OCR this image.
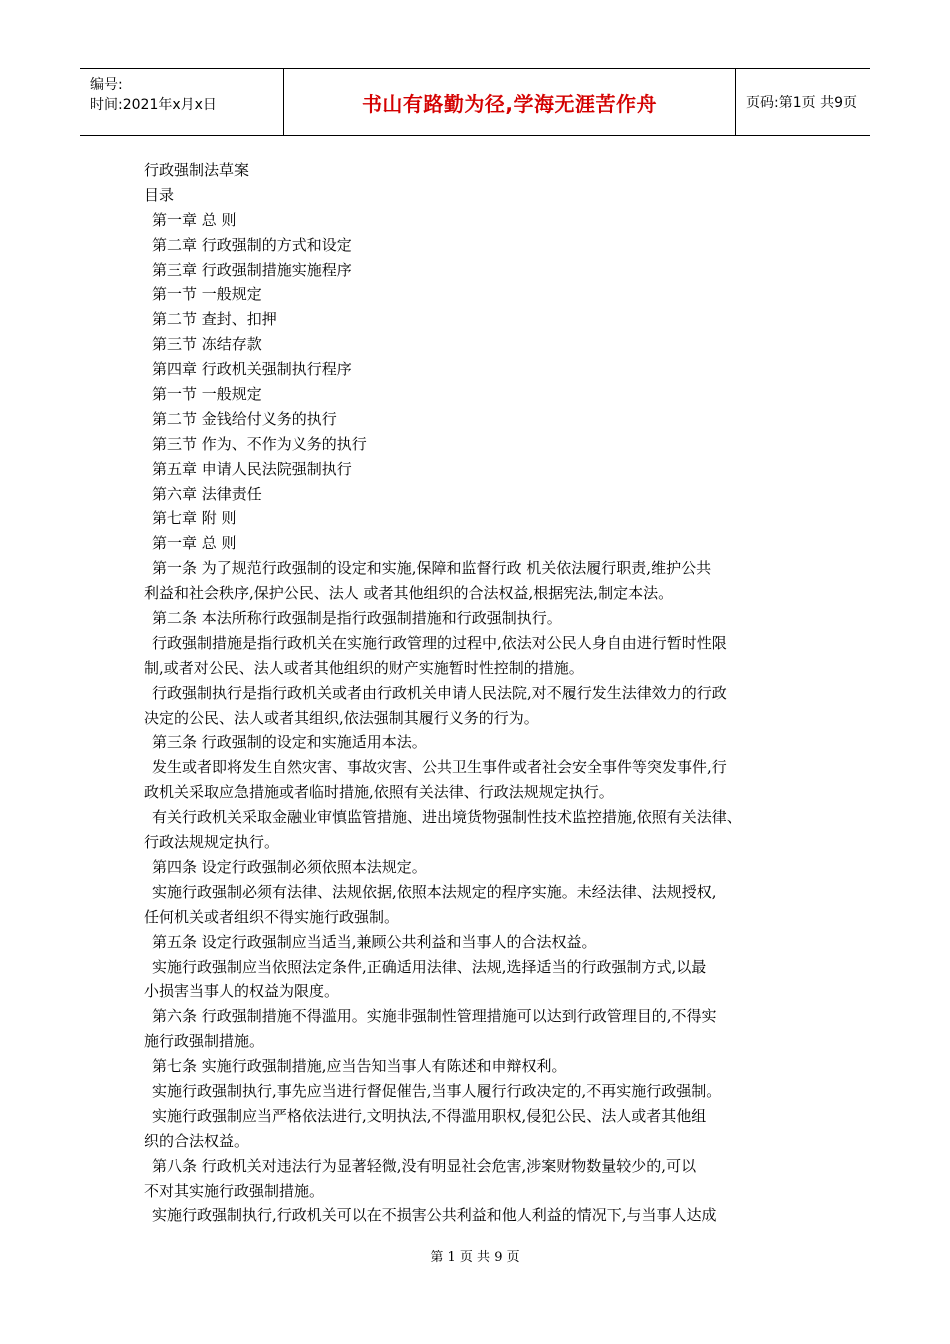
编号:
时间:2021年x月x日	书山有路勤为径,学海无涯苦作舟	页码:第1页 共9页
行政强制法草案
目录
第一章 总 则
第二章 行政强制的方式和设定
第三章 行政强制措施实施程序
第一节 一般规定
第二节 查封、扣押
第三节 冻结存款
第四章 行政机关强制执行程序
第一节 一般规定
第二节 金钱给付义务的执行
第三节 作为、不作为义务的执行
第五章 申请人民法院强制执行
第六章 法律责任
第七章 附 则
第一章 总 则
第一条 为了规范行政强制的设定和实施,保障和监督行政 机关依法履行职责,维护公共
利益和社会秩序,保护公民、法人 或者其他组织的合法权益,根据宪法,制定本法。
第二条 本法所称行政强制是指行政强制措施和行政强制执行。
行政强制措施是指行政机关在实施行政管理的过程中,依法对公民人身自由进行暂时性限
制,或者对公民、法人或者其他组织的财产实施暂时性控制的措施。
行政强制执行是指行政机关或者由行政机关申请人民法院,对不履行发生法律效力的行政
决定的公民、法人或者其组织,依法强制其履行义务的行为。
第三条 行政强制的设定和实施适用本法。
发生或者即将发生自然灾害、事故灾害、公共卫生事件或者社会安全事件等突发事件,行
政机关采取应急措施或者临时措施,依照有关法律、行政法规规定执行。
有关行政机关采取金融业审慎监管措施、进出境货物强制性技术监控措施,依照有关法律、
行政法规规定执行。
第四条 设定行政强制必须依照本法规定。
实施行政强制必须有法律、法规依据,依照本法规定的程序实施。未经法律、法规授权,
任何机关或者组织不得实施行政强制。
第五条 设定行政强制应当适当,兼顾公共利益和当事人的合法权益。
实施行政强制应当依照法定条件,正确适用法律、法规,选择适当的行政强制方式,以最
小损害当事人的权益为限度。
第六条 行政强制措施不得滥用。实施非强制性管理措施可以达到行政管理目的,不得实
施行政强制措施。
第七条 实施行政强制措施,应当告知当事人有陈述和申辩权利。
实施行政强制执行,事先应当进行督促催告,当事人履行行政决定的,不再实施行政强制。
实施行政强制应当严格依法进行,文明执法,不得滥用职权,侵犯公民、法人或者其他组
织的合法权益。
第八条 行政机关对违法行为显著轻微,没有明显社会危害,涉案财物数量较少的,可以
不对其实施行政强制措施。
实施行政强制执行,行政机关可以在不损害公共利益和他人利益的情况下,与当事人达成
第 1 页 共 9 页
